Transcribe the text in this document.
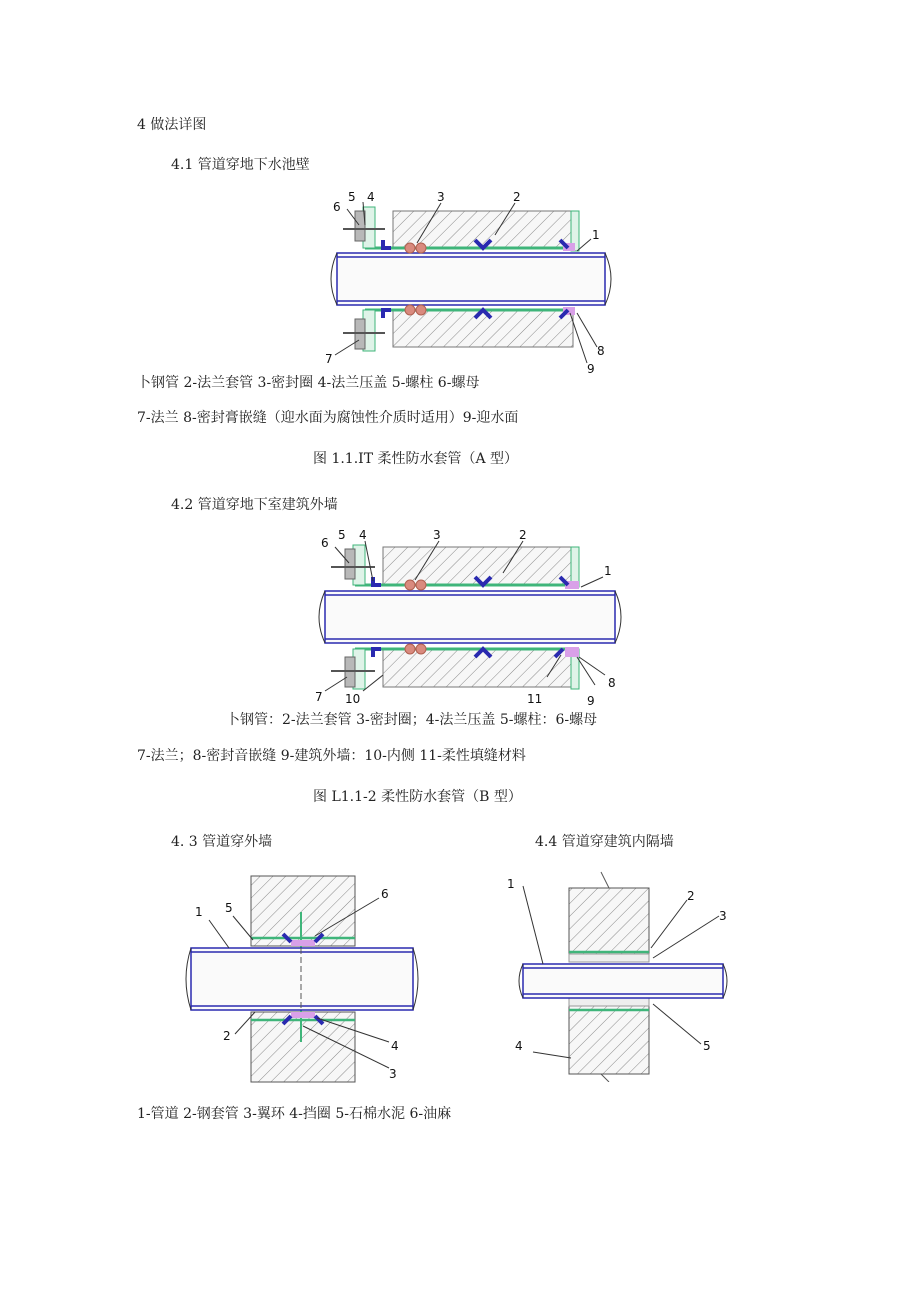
4 做法详图
4.1 管道穿地下水池壁
5 4	3	2
1
6
7
8
9
卜钢管 2-法兰套管 3-密封圈 4-法兰压盖 5-螺柱 6-螺母
7-法兰 8-密封膏嵌缝（迎水面为腐蚀性介质时适用）9-迎水面
图 1.1.IT 柔性防水套管（A 型）
4.2 管道穿地下室建筑外墙
5 4	3	2
1
6
7 10	11	9
8
卜钢管：2-法兰套管 3-密封圈；4-法兰压盖 5-螺柱：6-螺母
7-法兰；8-密封音嵌缝 9-建筑外墙：10-内侧 11-柔性填缝材料
图 L1.1-2 柔性防水套管（B 型）
4. 3 管道穿外墙
1 5
6
2
4
3
1-管道 2-钢套管 3-翼环 4-挡圈 5-石棉水泥 6-油麻
4.4 管道穿建筑内隔墙
1
2
3
4	5
